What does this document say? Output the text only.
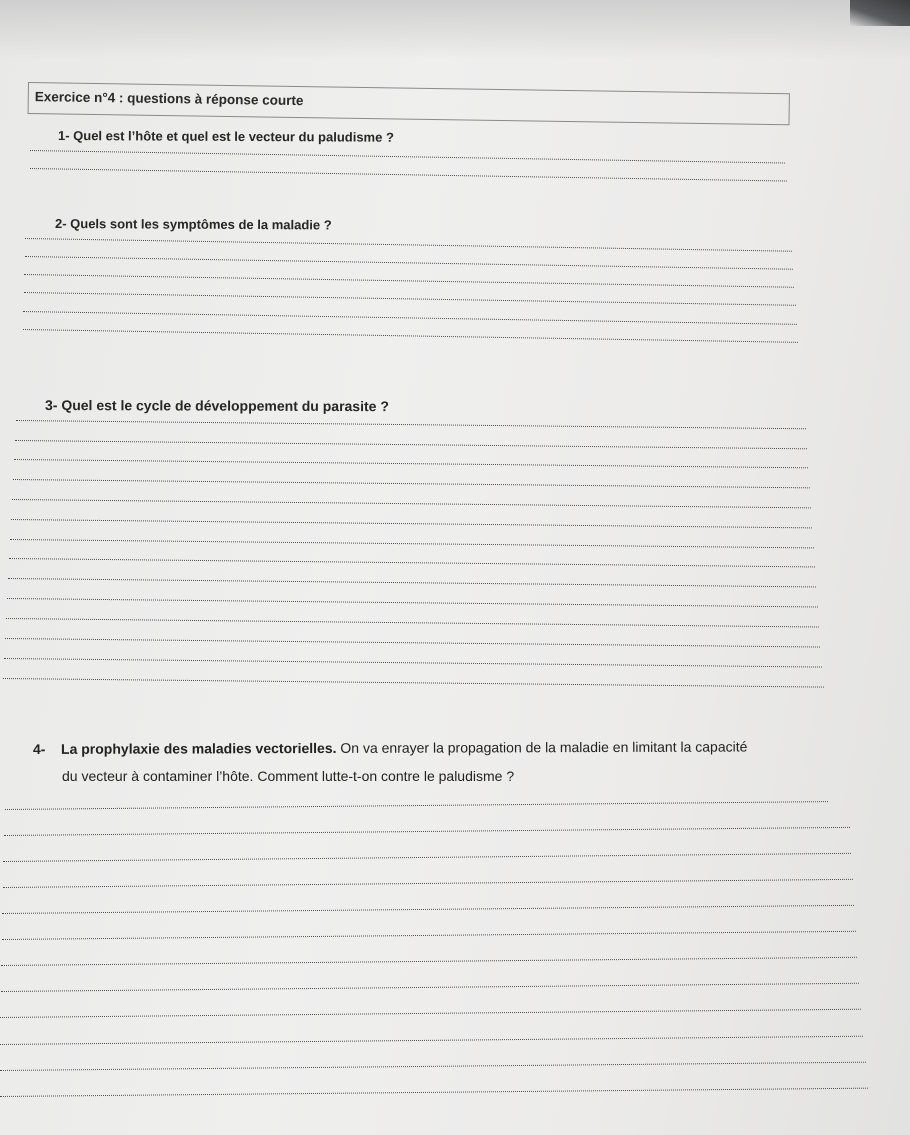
Exercice n°4 : questions à réponse courte
1- Quel est l’hôte et quel est le vecteur du paludisme ?
2- Quels sont les symptômes de la maladie ?
3- Quel est le cycle de développement du parasite ?
4- La prophylaxie des maladies vectorielles. On va enrayer la propagation de la maladie en limitant la capacité
du vecteur à contaminer l’hôte. Comment lutte-t-on contre le paludisme ?
